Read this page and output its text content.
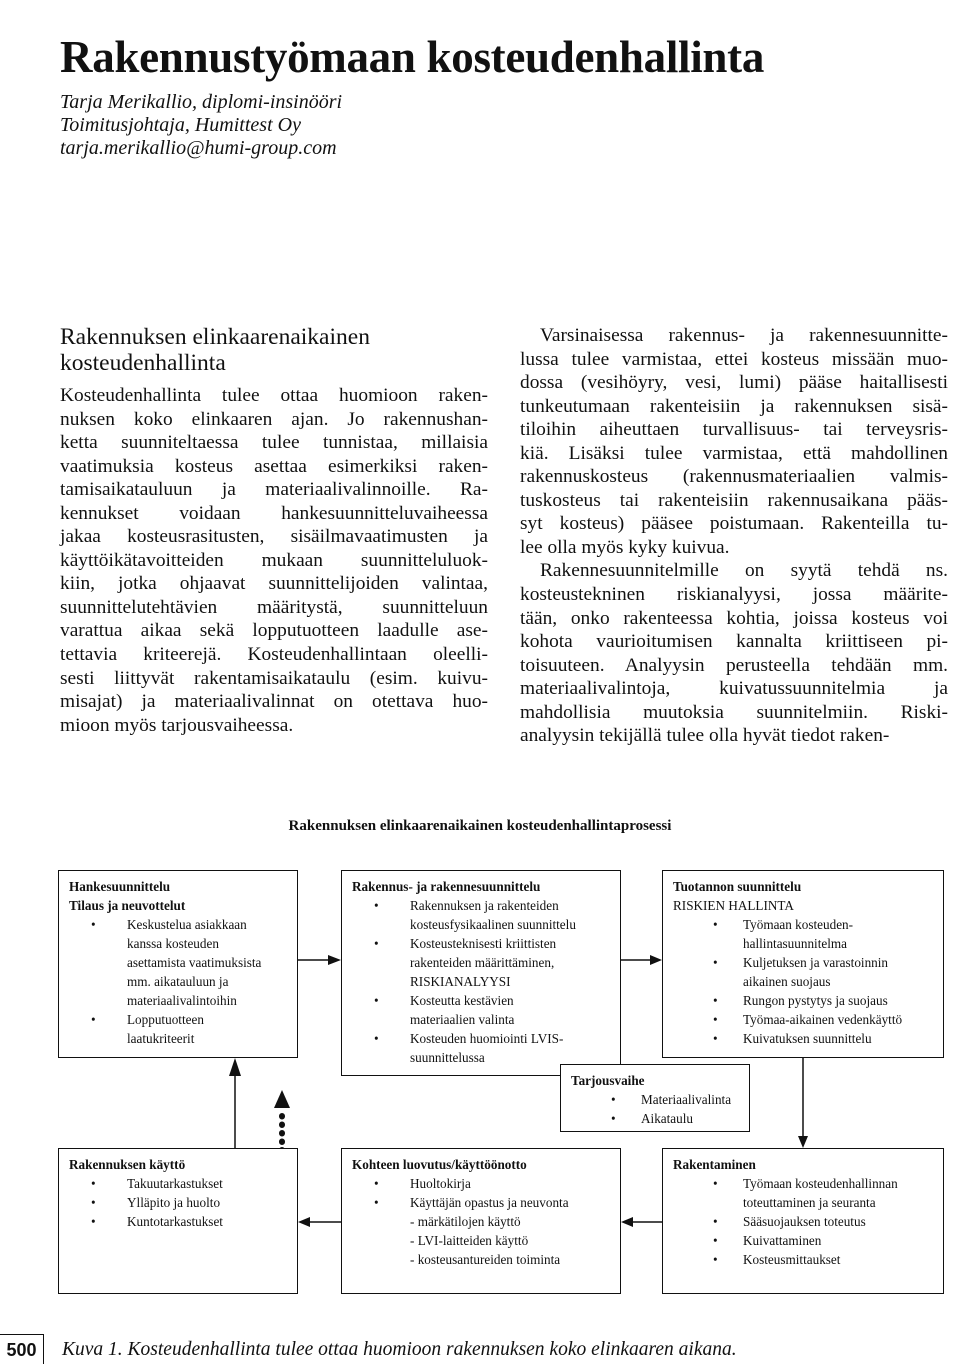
Rakennustyömaan kosteudenhallinta
Tarja Merikallio, diplomi-insinööri
Toimitusjohtaja, Humittest Oy
tarja.merikallio@humi-group.com
Rakennuksen elinkaarenaikainen
kosteudenhallinta
Kosteudenhallinta tulee ottaa huomioon raken-
nuksen koko elinkaaren ajan. Jo rakennushan-
ketta suunniteltaessa tulee tunnistaa, millaisia
vaatimuksia kosteus asettaa esimerkiksi raken-
tamisaikatauluun ja materiaalivalinnoille. Ra-
kennukset voidaan hankesuunnitteluvaiheessa
jakaa kosteusrasitusten, sisäilmavaatimusten ja
käyttöikätavoitteiden mukaan suunnitteluluok-
kiin, jotka ohjaavat suunnittelijoiden valintaa,
suunnittelutehtävien määritystä, suunnitteluun
varattua aikaa sekä lopputuotteen laadulle ase-
tettavia kriteerejä. Kosteudenhallintaan oleelli-
sesti liittyvät rakentamisaikataulu (esim. kuivu-
misajat) ja materiaalivalinnat on otettava huo-
mioon myös tarjousvaiheessa.
Varsinaisessa rakennus- ja rakennesuunnitte-
lussa tulee varmistaa, ettei kosteus missään muo-
dossa (vesihöyry, vesi, lumi) pääse haitallisesti
tunkeutumaan rakenteisiin ja rakennuksen sisä-
tiloihin aiheuttaen turvallisuus- tai terveysris-
kiä. Lisäksi tulee varmistaa, että mahdollinen
rakennuskosteus (rakennusmateriaalien valmis-
tuskosteus tai rakenteisiin rakennusaikana pääs-
syt kosteus) pääsee poistumaan. Rakenteilla tu-
lee olla myös kyky kuivua.
Rakennesuunnitelmille on syytä tehdä ns.
kosteustekninen riskianalyysi, jossa määrite-
tään, onko rakenteessa kohtia, joissa kosteus voi
kohota vaurioitumisen kannalta kriittiseen pi-
toisuuteen. Analyysin perusteella tehdään mm.
materiaalivalintoja, kuivatussuunnitelmia ja
mahdollisia muutoksia suunnitelmiin. Riski-
analyysin tekijällä tulee olla hyvät tiedot raken-
Rakennuksen elinkaarenaikainen kosteudenhallintaprosessi
Hankesuunnittelu
Tilaus ja neuvottelut
• Keskustelua asiakkaan
kanssa kosteuden
asettamista vaatimuksista
mm. aikatauluun ja
materiaalivalintoihin
• Lopputuotteen
laatukriteerit
Rakennus- ja rakennesuunnittelu
• Rakennuksen ja rakenteiden
kosteusfysikaalinen suunnittelu
• Kosteusteknisesti kriittisten
rakenteiden määrittäminen,
RISKIANALYYSI
• Kosteutta kestävien
materiaalien valinta
• Kosteuden huomiointi LVIS-
suunnittelussa
Tuotannon suunnittelu
RISKIEN HALLINTA
• Työmaan kosteuden-
hallintasuunnitelma
• Kuljetuksen ja varastoinnin
aikainen suojaus
• Rungon pystytys ja suojaus
• Työmaa-aikainen vedenkäyttö
• Kuivatuksen suunnittelu
Tarjousvaihe
• Materiaalivalinta
• Aikataulu
Rakennuksen käyttö
• Takuutarkastukset
• Ylläpito ja huolto
• Kuntotarkastukset
Kohteen luovutus/käyttöönotto
• Huoltokirja
• Käyttäjän opastus ja neuvonta
- märkätilojen käyttö
- LVI-laitteiden käyttö
- kosteusantureiden toiminta
Rakentaminen
• Työmaan kosteudenhallinnan
toteuttaminen ja seuranta
• Sääsuojauksen toteutus
• Kuivattaminen
• Kosteusmittaukset
500	Kuva 1. Kosteudenhallinta tulee ottaa huomioon rakennuksen koko elinkaaren aikana.
